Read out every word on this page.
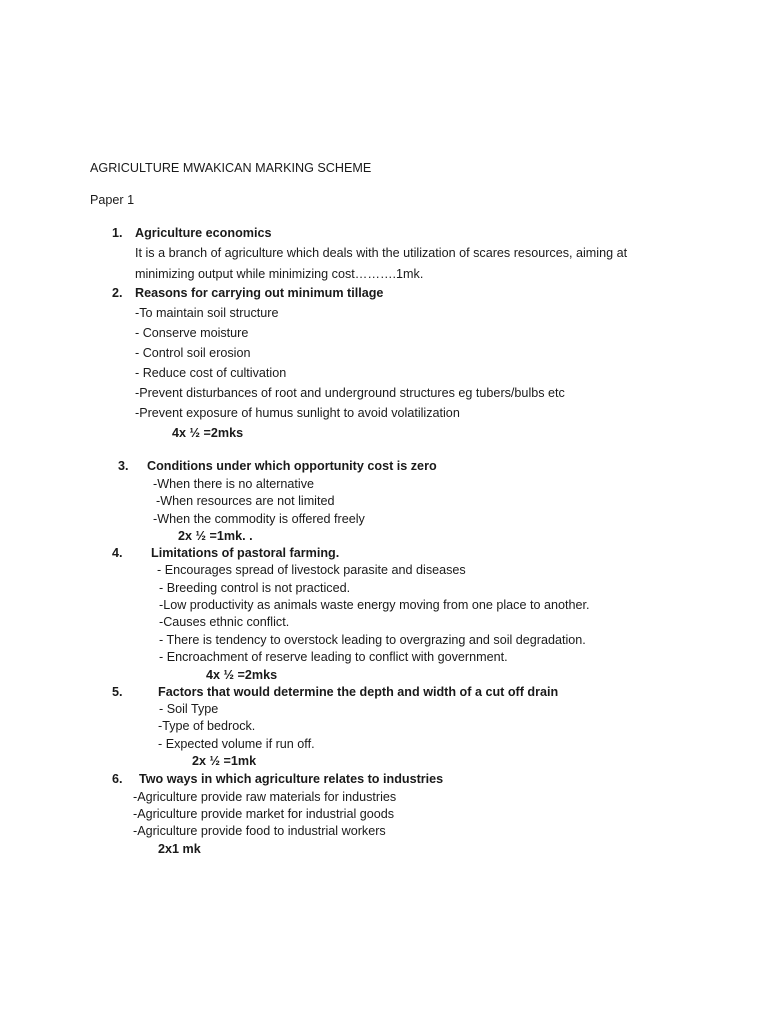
AGRICULTURE MWAKICAN MARKING SCHEME
Paper 1
1. Agriculture economics
It is a branch of agriculture which deals with the utilization of scares resources, aiming at
minimizing output while minimizing cost……….1mk.
2. Reasons for carrying out minimum tillage
-To maintain soil structure
- Conserve moisture
- Control soil erosion
- Reduce cost of cultivation
-Prevent disturbances of root and underground structures eg tubers/bulbs etc
-Prevent exposure of humus sunlight to avoid volatilization
4x ½ =2mks
3. Conditions under which opportunity cost is zero
-When there is no alternative
-When resources are not limited
-When the commodity is offered freely
2x ½ =1mk. .
4. Limitations of pastoral farming.
- Encourages spread of livestock parasite and diseases
- Breeding control is not practiced.
-Low productivity as animals waste energy moving from one place to another.
-Causes ethnic conflict.
- There is tendency to overstock leading to overgrazing and soil degradation.
- Encroachment of reserve leading to conflict with government.
4x ½ =2mks
5.	Factors that would determine the depth and width of a cut off drain
- Soil Type
-Type of bedrock.
- Expected volume if run off.
2x ½ =1mk
6. Two ways in which agriculture relates to industries
-Agriculture provide raw materials for industries
-Agriculture provide market for industrial goods
-Agriculture provide food to industrial workers
2x1 mk
